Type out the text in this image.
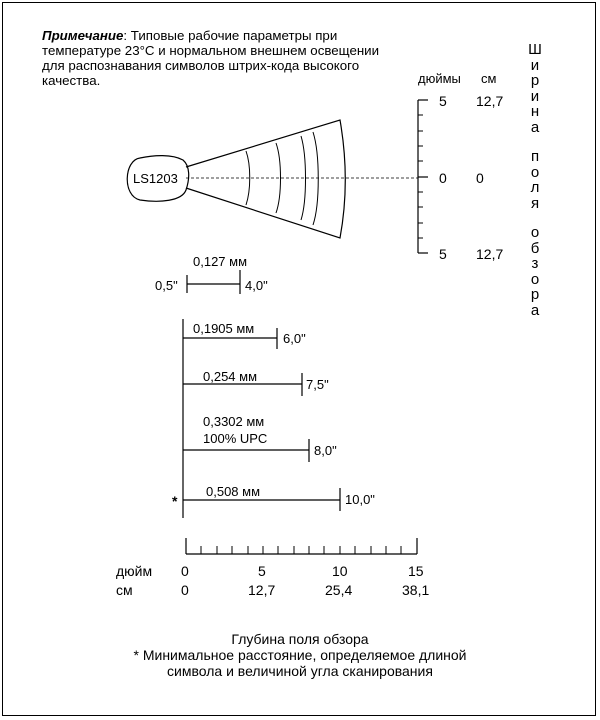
Примечание: Типовые рабочие параметры при температуре 23°C и нормальном внешнем освещении для распознавания символов штрих-кода высокого качества.
LS1203
дюймы см
5 12,7
0 0
5 12,7
Ш
и
р
и
н
а
п
о
л
я
о
б
з
о
р
а
0,127 мм
0,5"	4,0"
0,1905 мм
6,0"
0,254 мм
7,5"
0,3302 мм
100% UPC
8,0"
0,508 мм
10,0"
*
дюйм
см
0	5	10	15
0	12,7	25,4	38,1
Глубина поля обзора
* Минимальное расстояние, определяемое длиной
символа и величиной угла сканирования
